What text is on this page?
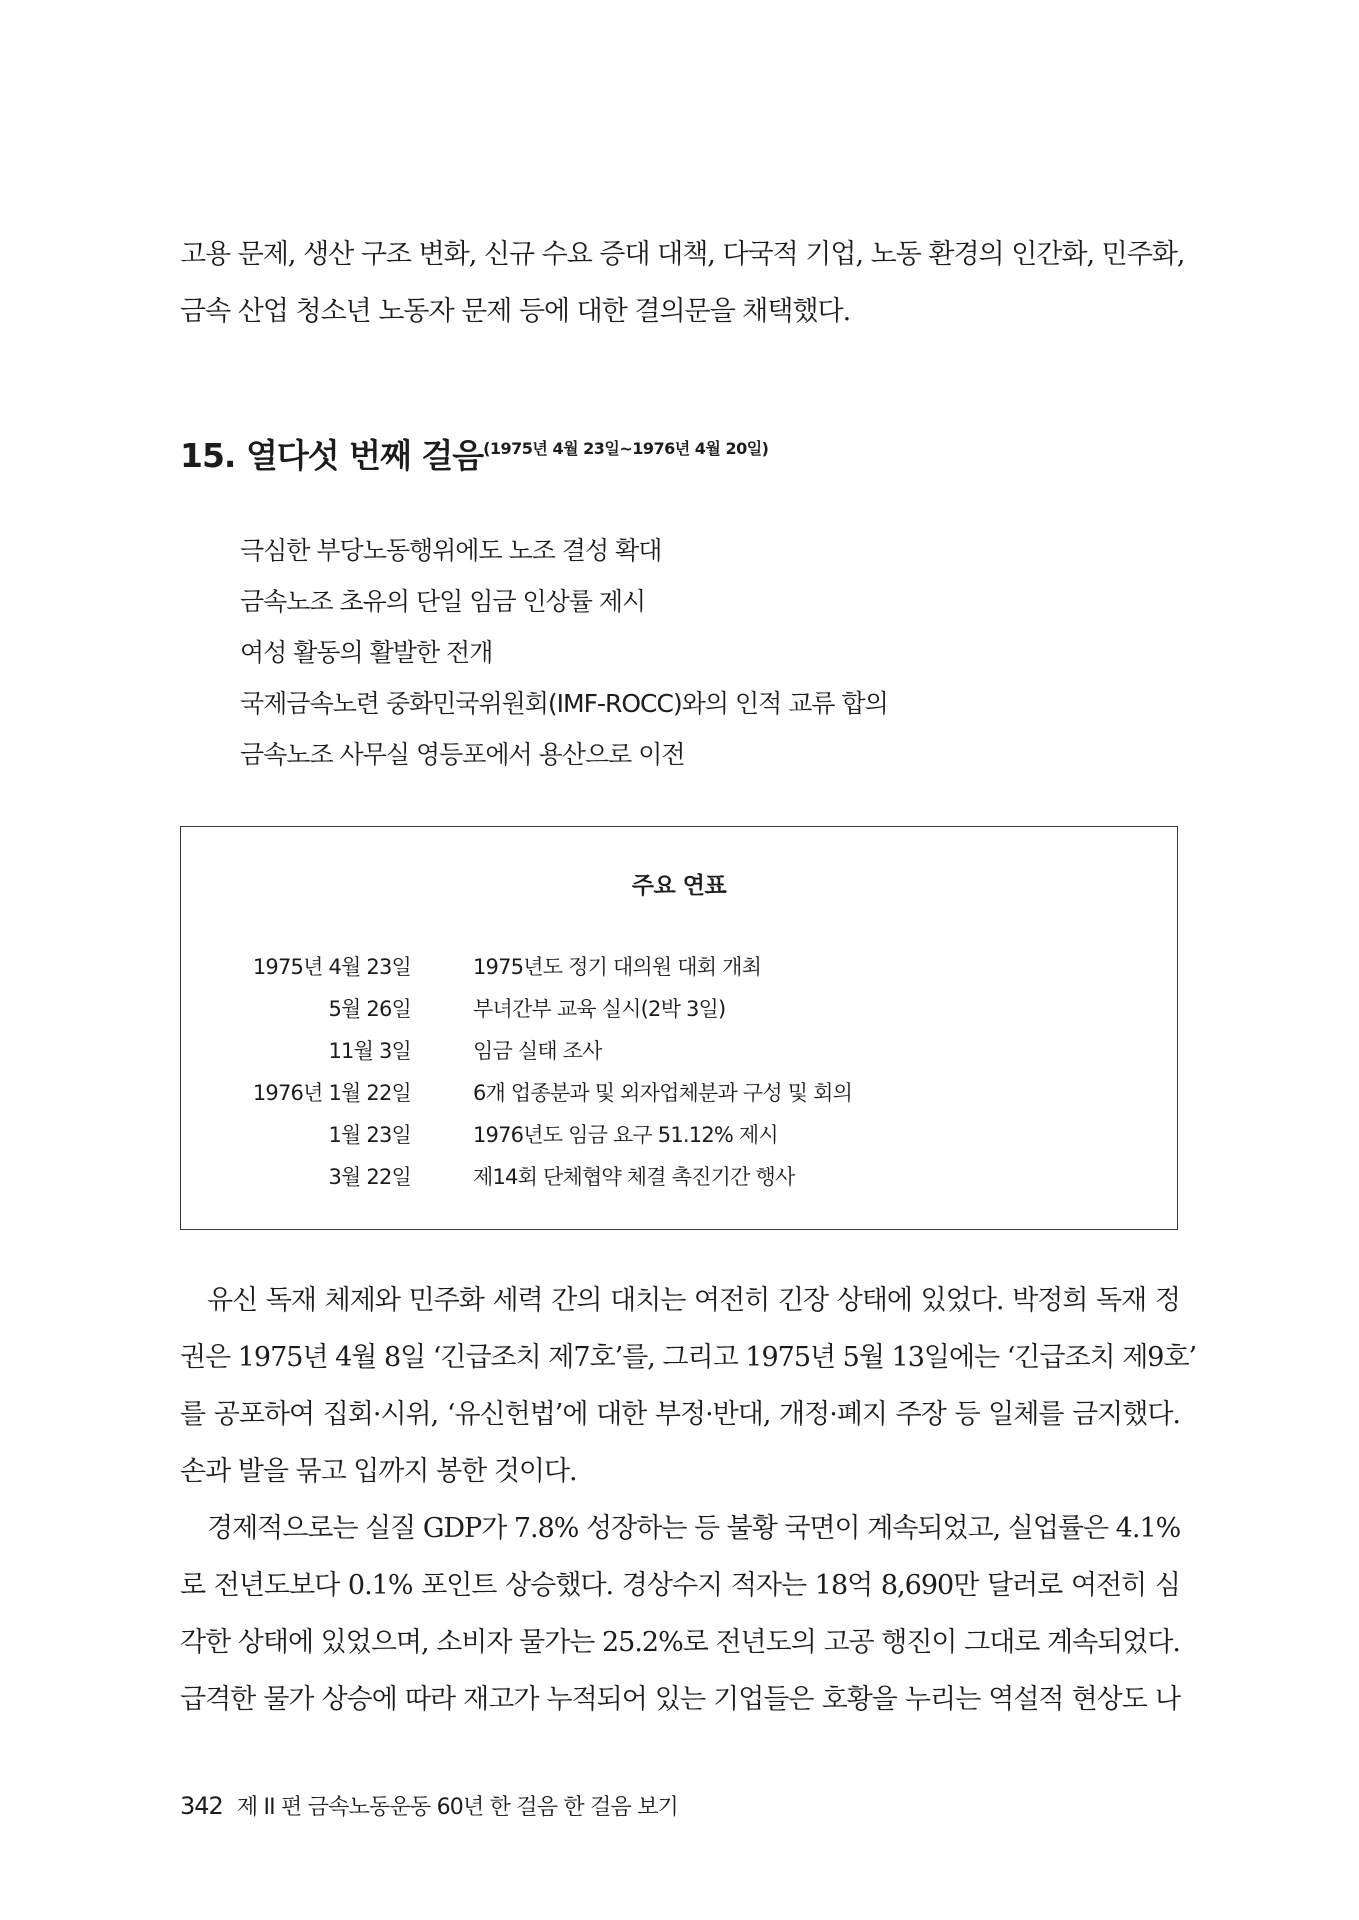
고용 문제, 생산 구조 변화, 신규 수요 증대 대책, 다국적 기업, 노동 환경의 인간화, 민주화,

금속 산업 청소년 노동자 문제 등에 대한 결의문을 채택했다.

15. 열다섯 번째 걸음(1975년 4월 23일~1976년 4월 20일)
극심한 부당노동행위에도 노조 결성 확대
금속노조 초유의 단일 임금 인상률 제시
여성 활동의 활발한 전개
국제금속노련 중화민국위원회(IMF-ROCC)와의 인적 교류 합의
금속노조 사무실 영등포에서 용산으로 이전
주요 연표
1975년 4월 23일	1975년도 정기 대의원 대회 개최
5월 26일	부녀간부 교육 실시(2박 3일)
11월 3일	임금 실태 조사
1976년 1월 22일	6개 업종분과 및 외자업체분과 구성 및 회의
1월 23일	1976년도 임금 요구 51.12% 제시
3월 22일	제14회 단체협약 체결 촉진기간 행사
유신 독재 체제와 민주화 세력 간의 대치는 여전히 긴장 상태에 있었다. 박정희 독재 정
권은 1975년 4월 8일 ‘긴급조치 제7호’를, 그리고 1975년 5월 13일에는 ‘긴급조치 제9호’
를 공포하여 집회·시위, ‘유신헌법’에 대한 부정·반대, 개정·폐지 주장 등 일체를 금지했다.
손과 발을 묶고 입까지 봉한 것이다.
경제적으로는 실질 GDP가 7.8% 성장하는 등 불황 국면이 계속되었고, 실업률은 4.1%
로 전년도보다 0.1% 포인트 상승했다. 경상수지 적자는 18억 8,690만 달러로 여전히 심
각한 상태에 있었으며, 소비자 물가는 25.2%로 전년도의 고공 행진이 그대로 계속되었다.
급격한 물가 상승에 따라 재고가 누적되어 있는 기업들은 호황을 누리는 역설적 현상도 나
342 제 II 편 금속노동운동 60년 한 걸음 한 걸음 보기
